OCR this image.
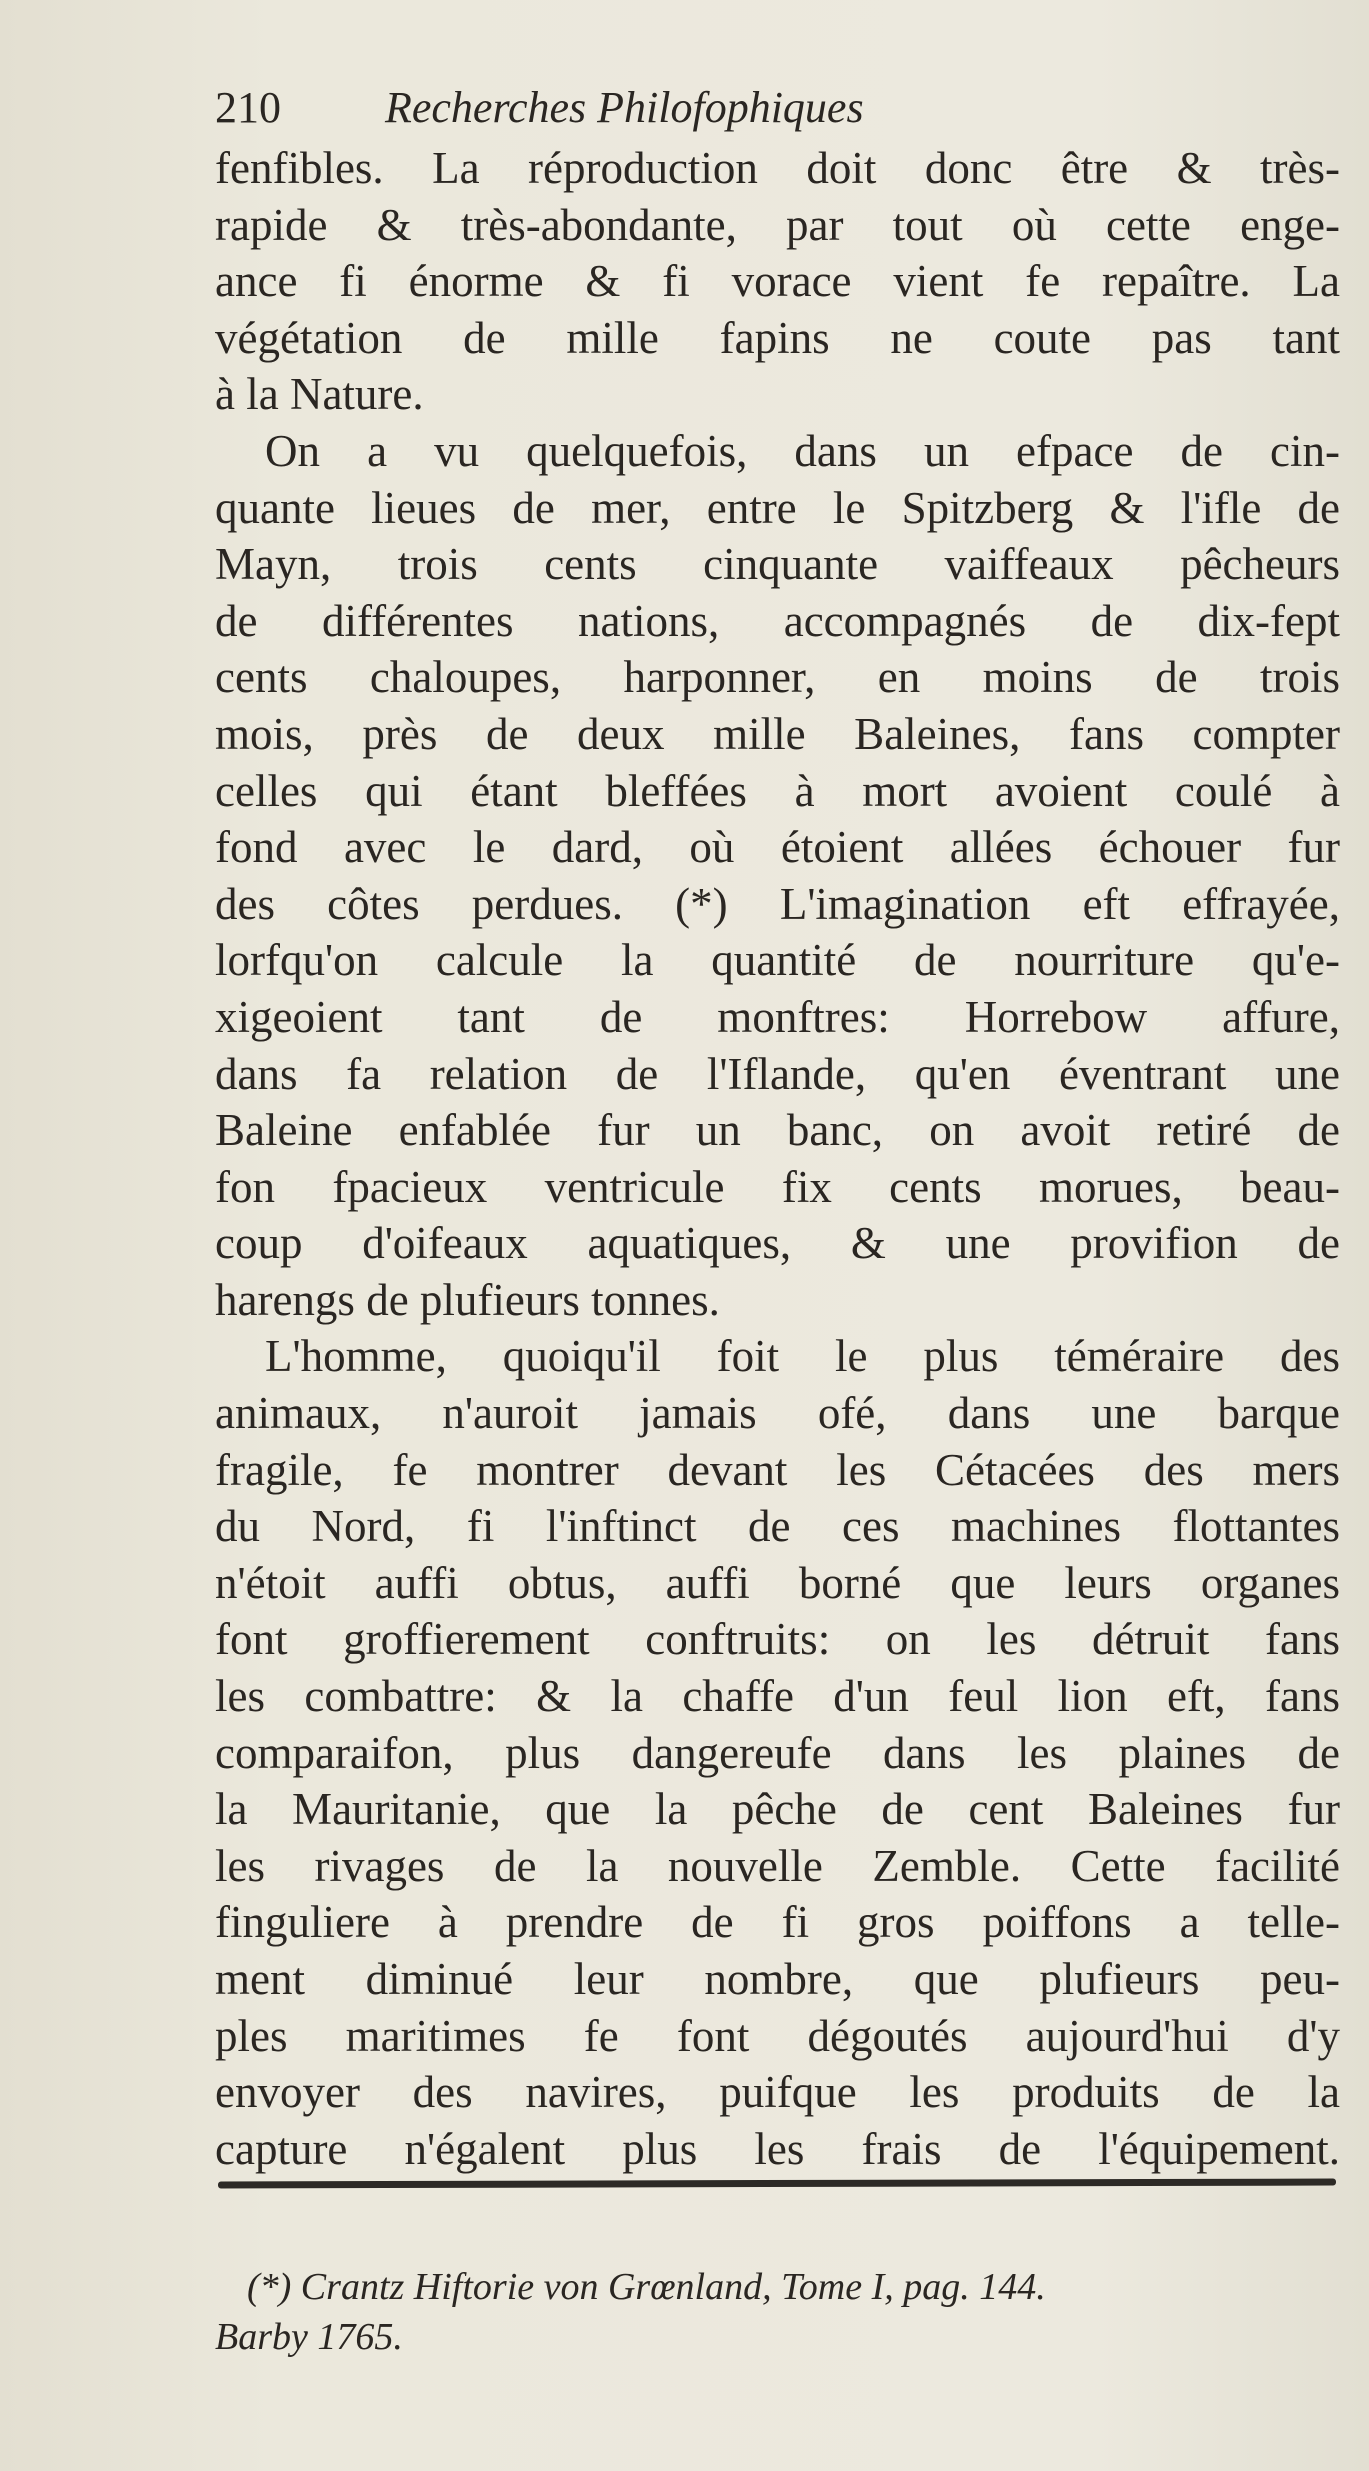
210 Recherches Philofophiques
fenfibles. La réproduction doit donc être & très-
rapide & très-abondante, par tout où cette enge-
ance fi énorme & fi vorace vient fe repaître. La
végétation de mille fapins ne coute pas tant
à la Nature.
On a vu quelquefois, dans un efpace de cin-
quante lieues de mer, entre le Spitzberg & l'ifle de
Mayn, trois cents cinquante vaiffeaux pêcheurs
de différentes nations, accompagnés de dix-fept
cents chaloupes, harponner, en moins de trois
mois, près de deux mille Baleines, fans compter
celles qui étant bleffées à mort avoient coulé à
fond avec le dard, où étoient allées échouer fur
des côtes perdues. (*) L'imagination eft effrayée,
lorfqu'on calcule la quantité de nourriture qu'e-
xigeoient tant de monftres: Horrebow affure,
dans fa relation de l'Iflande, qu'en éventrant une
Baleine enfablée fur un banc, on avoit retiré de
fon fpacieux ventricule fix cents morues, beau-
coup d'oifeaux aquatiques, & une provifion de
harengs de plufieurs tonnes.
L'homme, quoiqu'il foit le plus téméraire des
animaux, n'auroit jamais ofé, dans une barque
fragile, fe montrer devant les Cétacées des mers
du Nord, fi l'inftinct de ces machines flottantes
n'étoit auffi obtus, auffi borné que leurs organes
font groffierement conftruits: on les détruit fans
les combattre: & la chaffe d'un feul lion eft, fans
comparaifon, plus dangereufe dans les plaines de
la Mauritanie, que la pêche de cent Baleines fur
les rivages de la nouvelle Zemble. Cette facilité
finguliere à prendre de fi gros poiffons a telle-
ment diminué leur nombre, que plufieurs peu-
ples maritimes fe font dégoutés aujourd'hui d'y
envoyer des navires, puifque les produits de la
capture n'égalent plus les frais de l'équipement.
(*) Crantz Hiftorie von Grœnland, Tome I, pag. 144.
Barby 1765.
